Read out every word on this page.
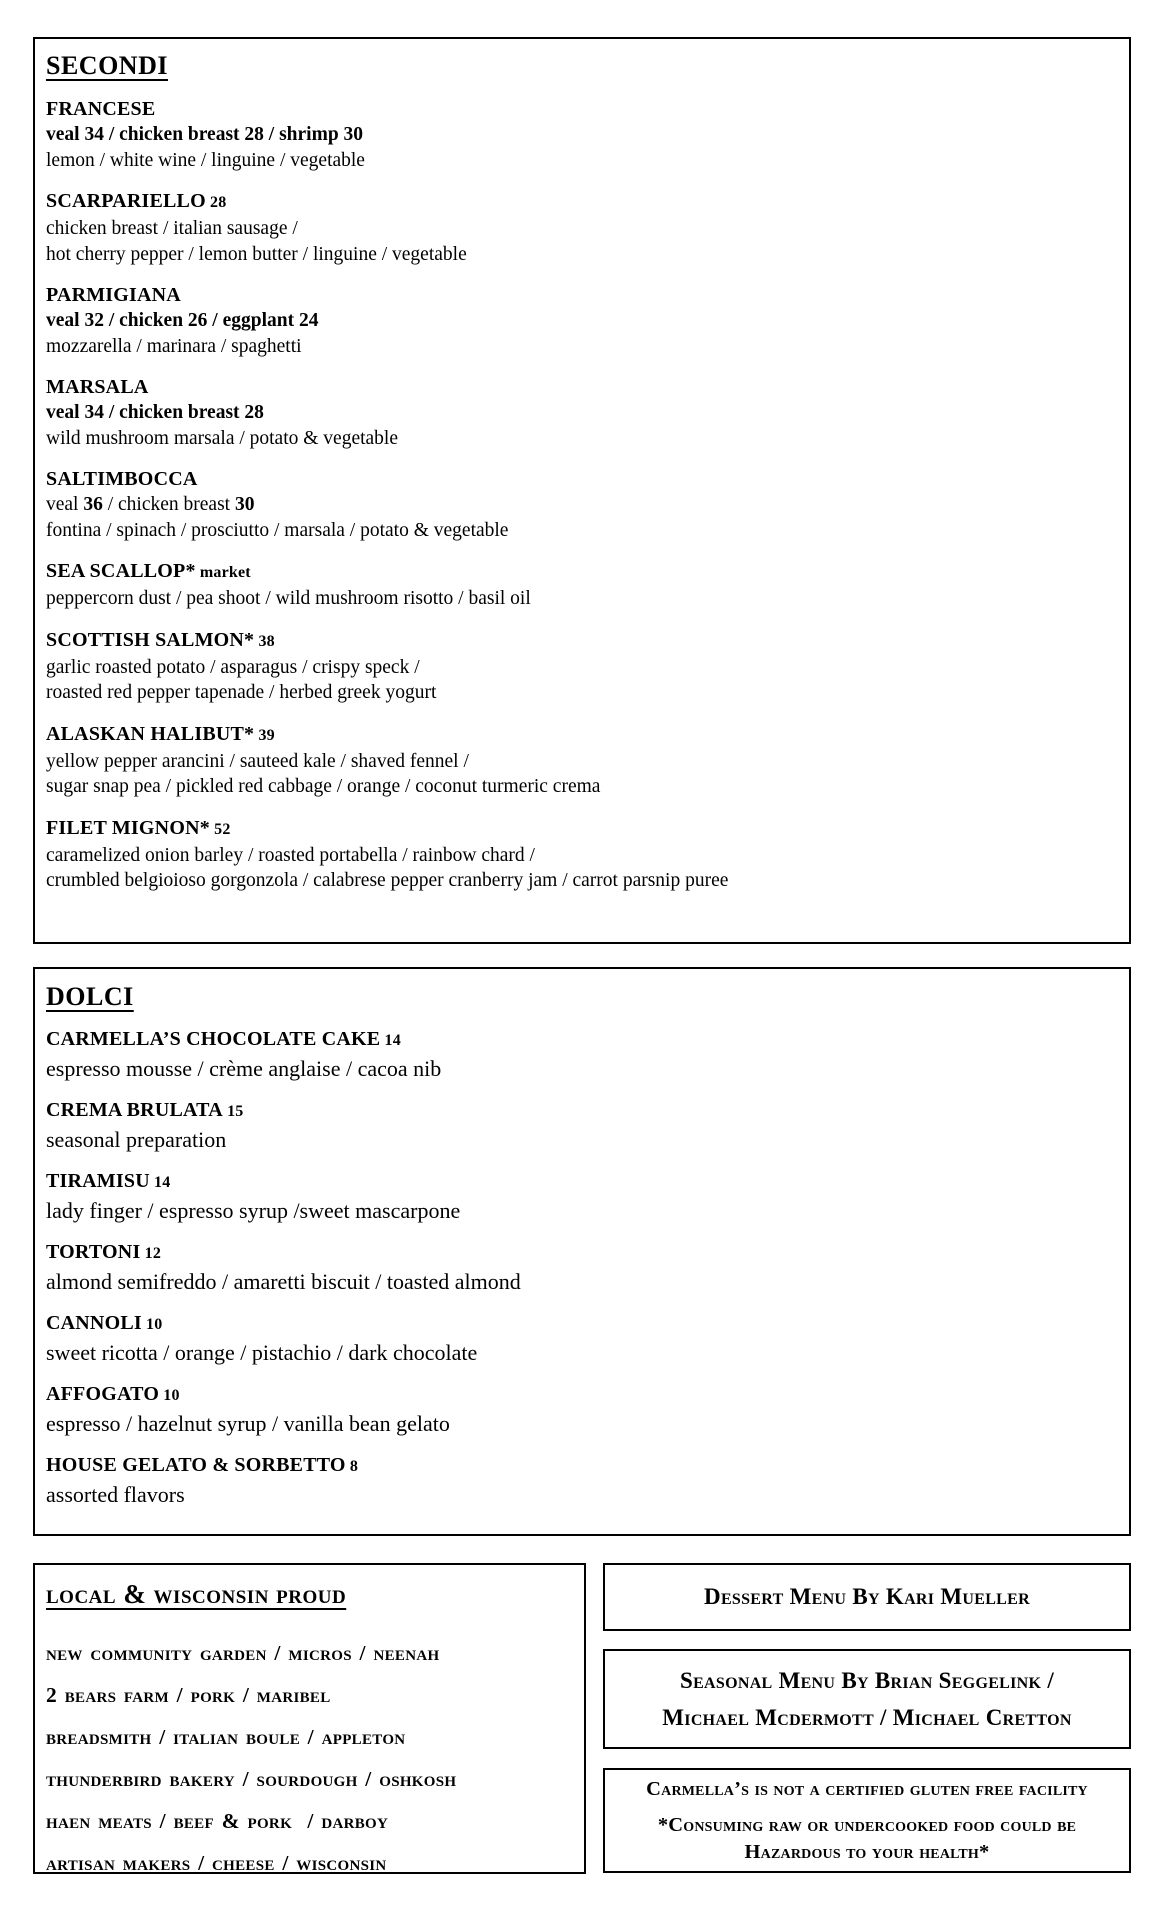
SECONDI
FRANCESE
veal 34 / chicken breast 28 / shrimp 30
lemon / white wine / linguine / vegetable
SCARPARIELLO 28
chicken breast / italian sausage /
hot cherry pepper / lemon butter / linguine / vegetable
PARMIGIANA
veal 32 / chicken 26 / eggplant 24
mozzarella / marinara / spaghetti
MARSALA
veal 34 / chicken breast 28
wild mushroom marsala / potato & vegetable
SALTIMBOCCA
veal 36 / chicken breast 30
fontina / spinach / prosciutto / marsala / potato & vegetable
SEA SCALLOP* market
peppercorn dust / pea shoot / wild mushroom risotto / basil oil
SCOTTISH SALMON* 38
garlic roasted potato / asparagus / crispy speck /
roasted red pepper tapenade / herbed greek yogurt
ALASKAN HALIBUT* 39
yellow pepper arancini / sauteed kale / shaved fennel /
sugar snap pea / pickled red cabbage / orange / coconut turmeric crema
FILET MIGNON* 52
caramelized onion barley / roasted portabella / rainbow chard /
crumbled belgioioso gorgonzola / calabrese pepper cranberry jam / carrot parsnip puree
DOLCI
CARMELLA’S CHOCOLATE CAKE 14
espresso mousse / crème anglaise / cacoa nib
CREMA BRULATA 15
seasonal preparation
TIRAMISU 14
lady finger / espresso syrup /sweet mascarpone
TORTONI 12
almond semifreddo / amaretti biscuit / toasted almond
CANNOLI 10
sweet ricotta / orange / pistachio / dark chocolate
AFFOGATO 10
espresso / hazelnut syrup / vanilla bean gelato
HOUSE GELATO & SORBETTO 8
assorted flavors
local & wisconsin proud
new community garden / micros / neenah
2 bears farm / pork / maribel
breadsmith / italian boule / appleton
thunderbird bakery / sourdough / oshkosh
haen meats / beef & pork  / darboy
artisan makers / cheese / wisconsin
Dessert Menu By Kari Mueller
Seasonal Menu By Brian Seggelink /
Michael Mcdermott / Michael Cretton
Carmella’s is not a certified gluten free facility
*Consuming raw or undercooked food could be
Hazardous to your health*
